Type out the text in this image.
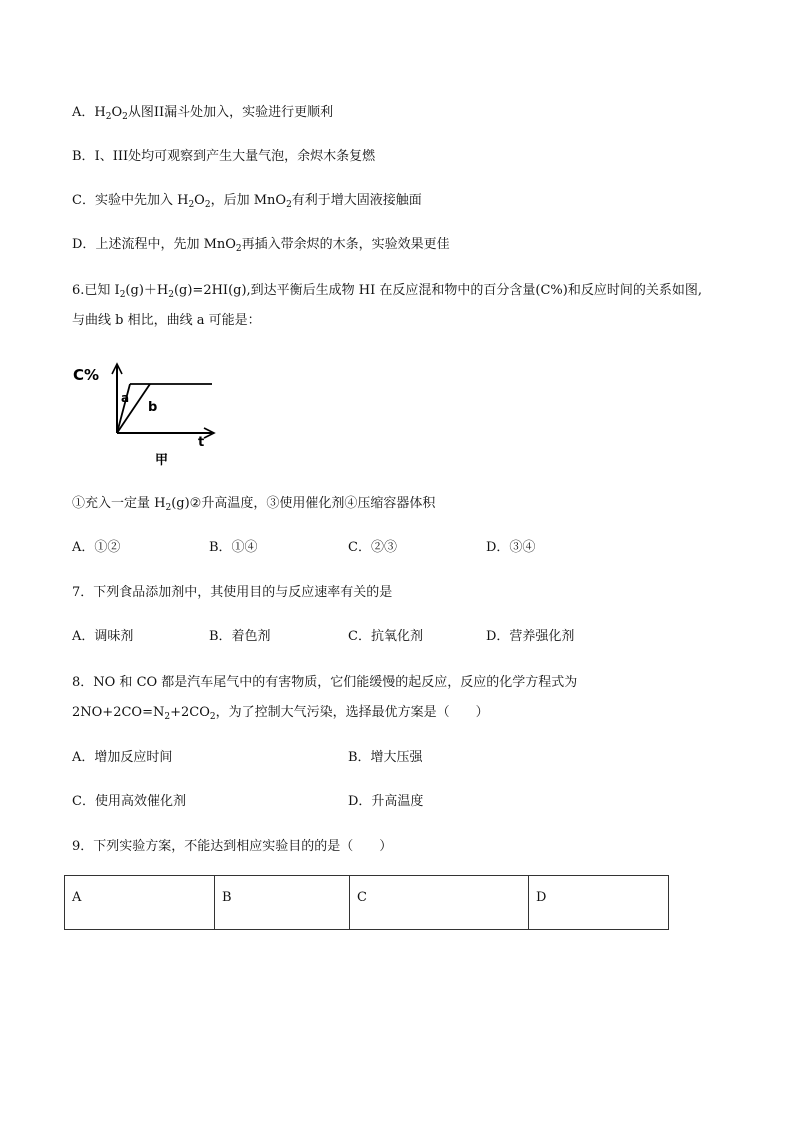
A．$H_2O_2$从图II漏斗处加入，实验进行更顺利
B．I、III处均可观察到产生大量气泡，余烬木条复燃
C．实验中先加入 $H_2O_2$，后加 MnO$_2$有利于增大固液接触面
D．上述流程中，先加 MnO$_2$再插入带余烬的木条，实验效果更佳
6.已知 $I_2(g)+H_2(g)=2HI(g)$,到达平衡后生成物 HI 在反应混和物中的百分含量(C%)和反应时间的关系如图,
与曲线 b 相比，曲线 a 可能是：
C%
a
b
t
甲
①充入一定量 $H_2(g)②$升高温度，③使用催化剂④压缩容器体积
A．①②	B．①④	C．②③	D．③④
7．下列食品添加剂中，其使用目的与反应速率有关的是
A．调味剂	B．着色剂	C．抗氧化剂	D．营养强化剂
8．NO 和 CO 都是汽车尾气中的有害物质，它们能缓慢的起反应，反应的化学方程式为
$2NO+2CO=N_2+2CO_2$，为了控制大气污染，选择最优方案是（　　）
A．增加反应时间	B．增大压强
C．使用高效催化剂	D．升高温度
9．下列实验方案，不能达到相应实验目的的是（　　）
A	B	C	D
